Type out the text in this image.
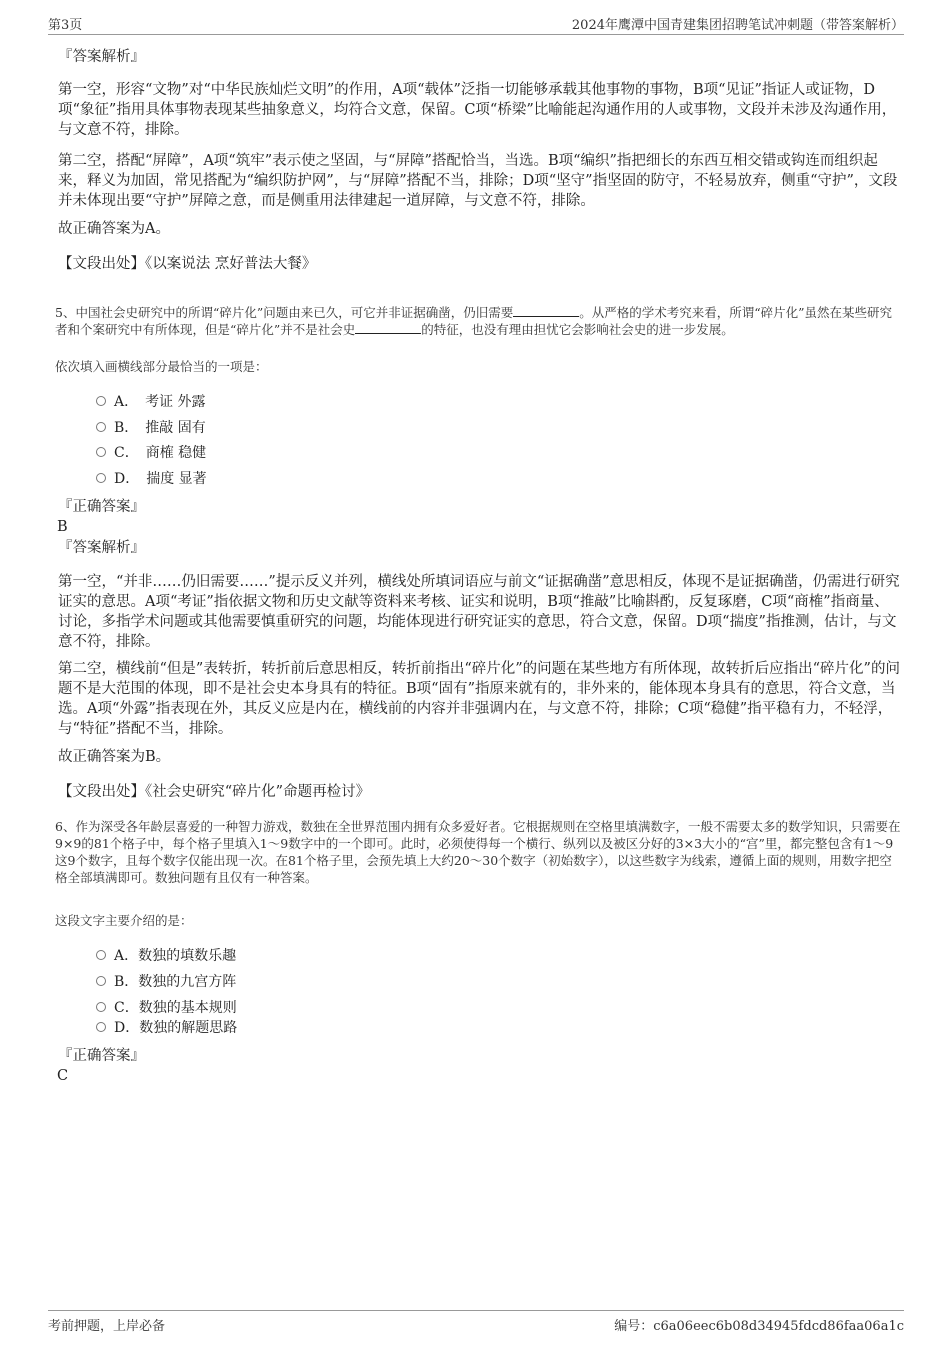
第3页	2024年鹰潭中国青建集团招聘笔试冲刺题（带答案解析）
『答案解析』
第一空，形容“文物”对“中华民族灿烂文明”的作用，A项“载体”泛指一切能够承载其他事物的事物，B项“见证”指证人或证物，D项“象征”指用具体事物表现某些抽象意义，均符合文意，保留。C项“桥梁”比喻能起沟通作用的人或事物，文段并未涉及沟通作用，与文意不符，排除。
第二空，搭配“屏障”，A项“筑牢”表示使之坚固，与“屏障”搭配恰当，当选。B项“编织”指把细长的东西互相交错或钩连而组织起来，释义为加固，常见搭配为“编织防护网”，与“屏障”搭配不当，排除；D项“坚守”指坚固的防守，不轻易放弃，侧重“守护”，文段并未体现出要“守护”屏障之意，而是侧重用法律建起一道屏障，与文意不符，排除。
故正确答案为A。
【文段出处】《以案说法 烹好普法大餐》
5、中国社会史研究中的所谓“碎片化”问题由来已久，可它并非证据确凿，仍旧需要	。从严格的学术考究来看，所谓“碎片化”虽然在某些研究者和个案研究中有所体现，但是“碎片化”并不是社会史	的特征，也没有理由担忧它会影响社会史的进一步发展。
依次填入画横线部分最恰当的一项是：
A．　考证 外露
B．　推敲 固有
C．　商榷 稳健
D．　揣度 显著
『正确答案』
B
『答案解析』
第一空，“并非……仍旧需要……”提示反义并列，横线处所填词语应与前文“证据确凿”意思相反，体现不是证据确凿，仍需进行研究证实的意思。A项“考证”指依据文物和历史文献等资料来考核、证实和说明，B项“推敲”比喻斟酌，反复琢磨，C项“商榷”指商量、讨论，多指学术问题或其他需要慎重研究的问题，均能体现进行研究证实的意思，符合文意，保留。D项“揣度”指推测，估计，与文意不符，排除。
第二空，横线前“但是”表转折，转折前后意思相反，转折前指出“碎片化”的问题在某些地方有所体现，故转折后应指出“碎片化”的问题不是大范围的体现，即不是社会史本身具有的特征。B项“固有”指原来就有的，非外来的，能体现本身具有的意思，符合文意，当选。A项“外露”指表现在外，其反义应是内在，横线前的内容并非强调内在，与文意不符，排除；C项“稳健”指平稳有力，不轻浮，与“特征”搭配不当，排除。
故正确答案为B。
【文段出处】《社会史研究“碎片化”命题再检讨》
6、作为深受各年龄层喜爱的一种智力游戏，数独在全世界范围内拥有众多爱好者。它根据规则在空格里填满数字，一般不需要太多的数学知识，只需要在9×9的81个格子中，每个格子里填入1～9数字中的一个即可。此时，必须使得每一个横行、纵列以及被区分好的3×3大小的“宫”里，都完整包含有1～9这9个数字，且每个数字仅能出现一次。在81个格子里，会预先填上大约20～30个数字（初始数字），以这些数字为线索，遵循上面的规则，用数字把空格全部填满即可。数独问题有且仅有一种答案。
这段文字主要介绍的是：
A．数独的填数乐趣
B．数独的九宫方阵
C．数独的基本规则
D．数独的解题思路
『正确答案』
C
考前押题，上岸必备	编号：c6a06eec6b08d34945fdcd86faa06a1c
